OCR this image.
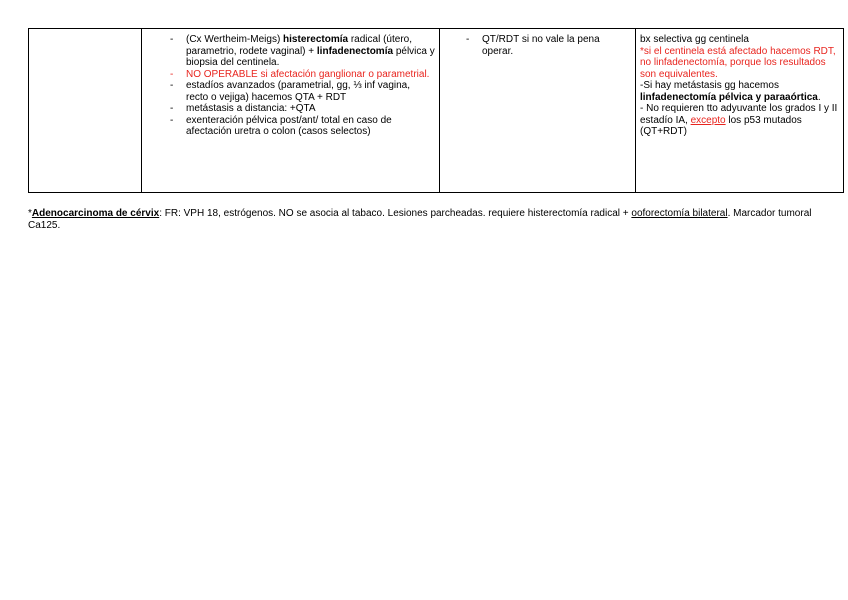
- (Cx Wertheim-Meigs) histerectomía radical (útero, parametrio, rodete vaginal) + linfadenectomía pélvica y biopsia del centinela.
- NO OPERABLE si afectación ganglionar o parametrial.
- estadíos avanzados (parametrial, gg, ⅓ inf vagina, recto o vejiga) hacemos QTA + RDT
- metástasis a distancia: +QTA
- exenteración pélvica post/ant/ total en caso de afectación uretra o colon (casos selectos)

- QT/RDT si no vale la pena operar.

bx selectiva gg centinela
*si el centinela está afectado hacemos RDT, no linfadenectomía, porque los resultados son equivalentes.
-Si hay metástasis gg hacemos linfadenectomía pélvica y paraaórtica.
- No requieren tto adyuvante los grados I y II estadío IA, excepto los p53 mutados (QT+RDT)
*Adenocarcinoma de cérvix: FR: VPH 18, estrógenos. NO se asocia al tabaco. Lesiones parcheadas. requiere histerectomía radical + ooforectomía bilateral. Marcador tumoral Ca125.
